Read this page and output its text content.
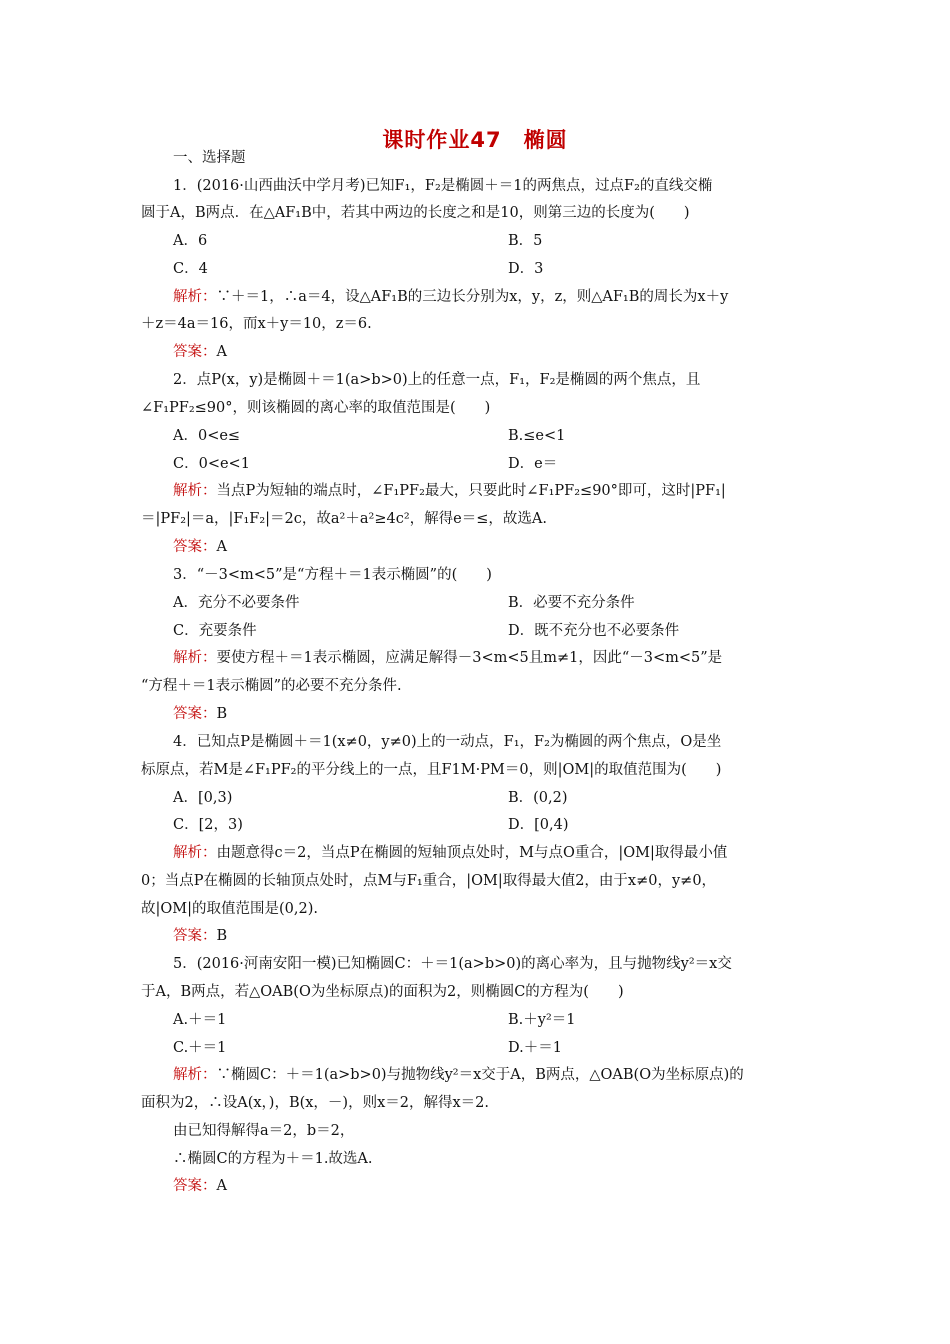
课时作业47　椭圆
一、选择题
1．(2016·山西曲沃中学月考)已知F₁，F₂是椭圆＋＝1的两焦点，过点F₂的直线交椭
圆于A，B两点．在△AF₁B中，若其中两边的长度之和是10，则第三边的长度为(　　)
A．6	B．5
C．4	D．3
解析：∵＋＝1，∴a＝4，设△AF₁B的三边长分别为x，y，z，则△AF₁B的周长为x＋y
＋z＝4a＝16，而x＋y＝10，z＝6.
答案：A
2．点P(x，y)是椭圆＋＝1(a>b>0)上的任意一点，F₁，F₂是椭圆的两个焦点，且
∠F₁PF₂≤90°，则该椭圆的离心率的取值范围是(　　)
A．0<e≤	B.≤e<1
C．0<e<1	D．e＝
解析：当点P为短轴的端点时，∠F₁PF₂最大，只要此时∠F₁PF₂≤90°即可，这时|PF₁|
＝|PF₂|＝a，|F₁F₂|＝2c，故a²＋a²≥4c²，解得e＝≤，故选A.
答案：A
3．“－3<m<5”是“方程＋＝1表示椭圆”的(　　)
A．充分不必要条件	B．必要不充分条件
C．充要条件	D．既不充分也不必要条件
解析：要使方程＋＝1表示椭圆，应满足解得－3<m<5且m≠1，因此“－3<m<5”是
“方程＋＝1表示椭圆”的必要不充分条件.
答案：B
4．已知点P是椭圆＋＝1(x≠0，y≠0)上的一动点，F₁，F₂为椭圆的两个焦点，O是坐
标原点，若M是∠F₁PF₂的平分线上的一点，且F1M·PM＝0，则|OM|的取值范围为(　　)
A．[0,3)	B．(0,2)
C．[2，3)	D．[0,4)
解析：由题意得c＝2，当点P在椭圆的短轴顶点处时，M与点O重合，|OM|取得最小值
0；当点P在椭圆的长轴顶点处时，点M与F₁重合，|OM|取得最大值2，由于x≠0，y≠0，
故|OM|的取值范围是(0,2).
答案：B
5．(2016·河南安阳一模)已知椭圆C：＋＝1(a>b>0)的离心率为，且与抛物线y²＝x交
于A，B两点，若△OAB(O为坐标原点)的面积为2，则椭圆C的方程为(　　)
A.＋＝1	B.＋y²＝1
C.＋＝1	D.＋＝1
解析：∵椭圆C：＋＝1(a>b>0)与抛物线y²＝x交于A，B两点，△OAB(O为坐标原点)的
面积为2，∴设A(x，)，B(x，－)，则x＝2，解得x＝2.
由已知得解得a＝2，b＝2，
∴椭圆C的方程为＋＝1.故选A.
答案：A
